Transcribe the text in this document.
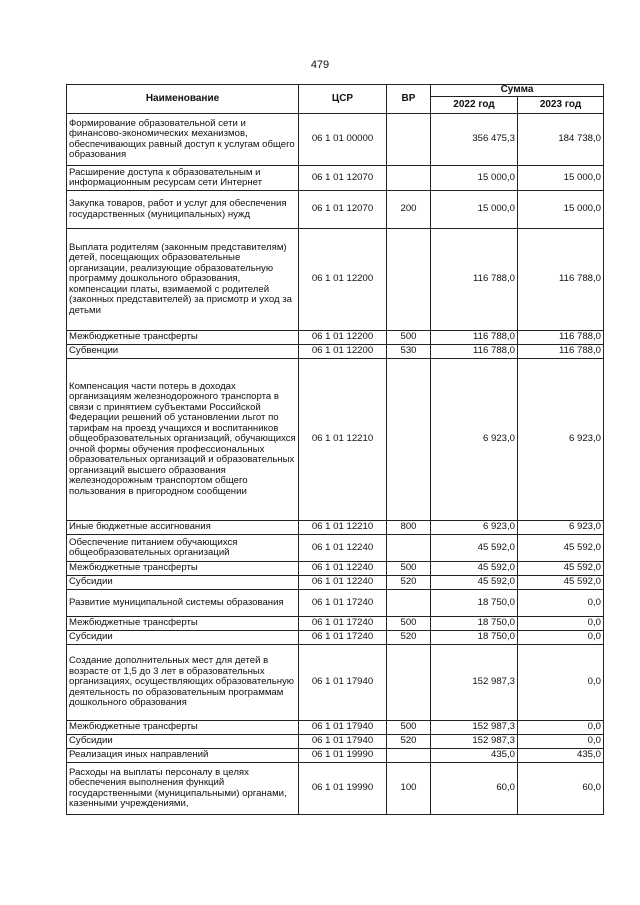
479
Наименование	ЦСР	ВР	Сумма	
			2022 год	2023 год
Формирование образовательной сети и финансово-экономических механизмов, обеспечивающих равный доступ к услугам общего образования	06 1 01 00000		356 475,3	184 738,0
Расширение доступа к образовательным и информационным ресурсам сети Интернет	06 1 01 12070		15 000,0	15 000,0
Закупка товаров, работ и услуг для обеспечения государственных (муниципальных) нужд	06 1 01 12070	200	15 000,0	15 000,0
Выплата родителям (законным представителям) детей, посещающих образовательные организации, реализующие образовательную программу дошкольного образования, компенсации платы, взимаемой с родителей (законных представителей) за присмотр и уход за детьми	06 1 01 12200		116 788,0	116 788,0
Межбюджетные трансферты	06 1 01 12200	500	116 788,0	116 788,0
Субвенции	06 1 01 12200	530	116 788,0	116 788,0
Компенсация части потерь в доходах организациям железнодорожного транспорта в связи с принятием субъектами Российской Федерации решений об установлении льгот по тарифам на проезд учащихся и воспитанников общеобразовательных организаций, обучающихся очной формы обучения профессиональных образовательных организаций и образовательных организаций высшего образования железнодорожным транспортом общего пользования в пригородном сообщении	06 1 01 12210		6 923,0	6 923,0
Иные бюджетные ассигнования	06 1 01 12210	800	6 923,0	6 923,0
Обеспечение питанием обучающихся общеобразовательных организаций	06 1 01 12240		45 592,0	45 592,0
Межбюджетные трансферты	06 1 01 12240	500	45 592,0	45 592,0
Субсидии	06 1 01 12240	520	45 592,0	45 592,0
Развитие муниципальной системы образования	06 1 01 17240		18 750,0	0,0
Межбюджетные трансферты	06 1 01 17240	500	18 750,0	0,0
Субсидии	06 1 01 17240	520	18 750,0	0,0
Создание дополнительных мест для детей в возрасте от 1,5 до 3 лет в образовательных организациях, осуществляющих образовательную деятельность по образовательным программам дошкольного образования	06 1 01 17940		152 987,3	0,0
Межбюджетные трансферты	06 1 01 17940	500	152 987,3	0,0
Субсидии	06 1 01 17940	520	152 987,3	0,0
Реализация иных направлений	06 1 01 19990		435,0	435,0
Расходы на выплаты персоналу в целях обеспечения выполнения функций государственными (муниципальными) органами, казенными учреждениями,	06 1 01 19990	100	60,0	60,0
